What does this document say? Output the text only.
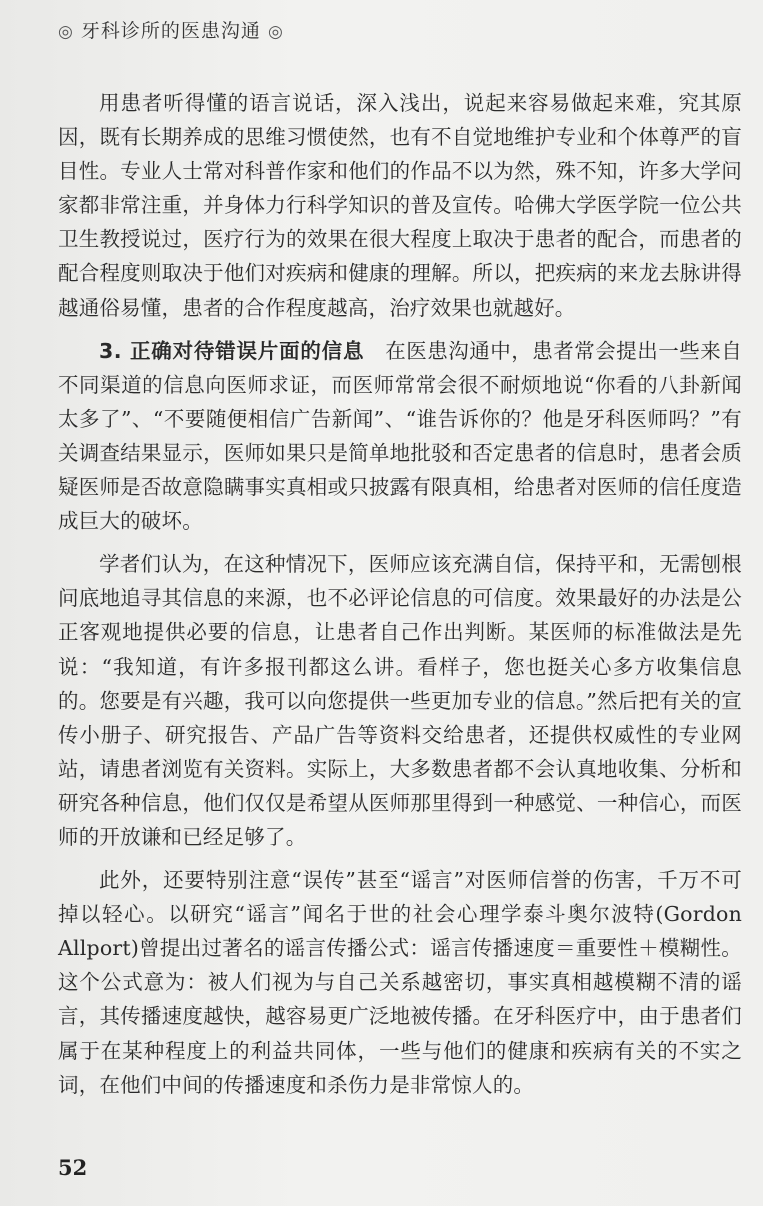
◎ 牙科诊所的医患沟通 ◎

用患者听得懂的语言说话，深入浅出，说起来容易做起来难，究其原因，既有长期养成的思维习惯使然，也有不自觉地维护专业和个体尊严的盲目性。专业人士常对科普作家和他们的作品不以为然，殊不知，许多大学问家都非常注重，并身体力行科学知识的普及宣传。哈佛大学医学院一位公共卫生教授说过，医疗行为的效果在很大程度上取决于患者的配合，而患者的配合程度则取决于他们对疾病和健康的理解。所以，把疾病的来龙去脉讲得越通俗易懂，患者的合作程度越高，治疗效果也就越好。

3. 正确对待错误片面的信息　在医患沟通中，患者常会提出一些来自不同渠道的信息向医师求证，而医师常常会很不耐烦地说“你看的八卦新闻太多了”、“不要随便相信广告新闻”、“谁告诉你的？他是牙科医师吗？”有关调查结果显示，医师如果只是简单地批驳和否定患者的信息时，患者会质疑医师是否故意隐瞒事实真相或只披露有限真相，给患者对医师的信任度造成巨大的破坏。

学者们认为，在这种情况下，医师应该充满自信，保持平和，无需刨根问底地追寻其信息的来源，也不必评论信息的可信度。效果最好的办法是公正客观地提供必要的信息，让患者自己作出判断。某医师的标准做法是先说：“我知道，有许多报刊都这么讲。看样子，您也挺关心多方收集信息的。您要是有兴趣，我可以向您提供一些更加专业的信息。”然后把有关的宣传小册子、研究报告、产品广告等资料交给患者，还提供权威性的专业网站，请患者浏览有关资料。实际上，大多数患者都不会认真地收集、分析和研究各种信息，他们仅仅是希望从医师那里得到一种感觉、一种信心，而医师的开放谦和已经足够了。

此外，还要特别注意“误传”甚至“谣言”对医师信誉的伤害，千万不可掉以轻心。以研究“谣言”闻名于世的社会心理学泰斗奥尔波特(Gordon Allport)曾提出过著名的谣言传播公式：谣言传播速度＝重要性＋模糊性。这个公式意为：被人们视为与自己关系越密切，事实真相越模糊不清的谣言，其传播速度越快，越容易更广泛地被传播。在牙科医疗中，由于患者们属于在某种程度上的利益共同体，一些与他们的健康和疾病有关的不实之词，在他们中间的传播速度和杀伤力是非常惊人的。

52
